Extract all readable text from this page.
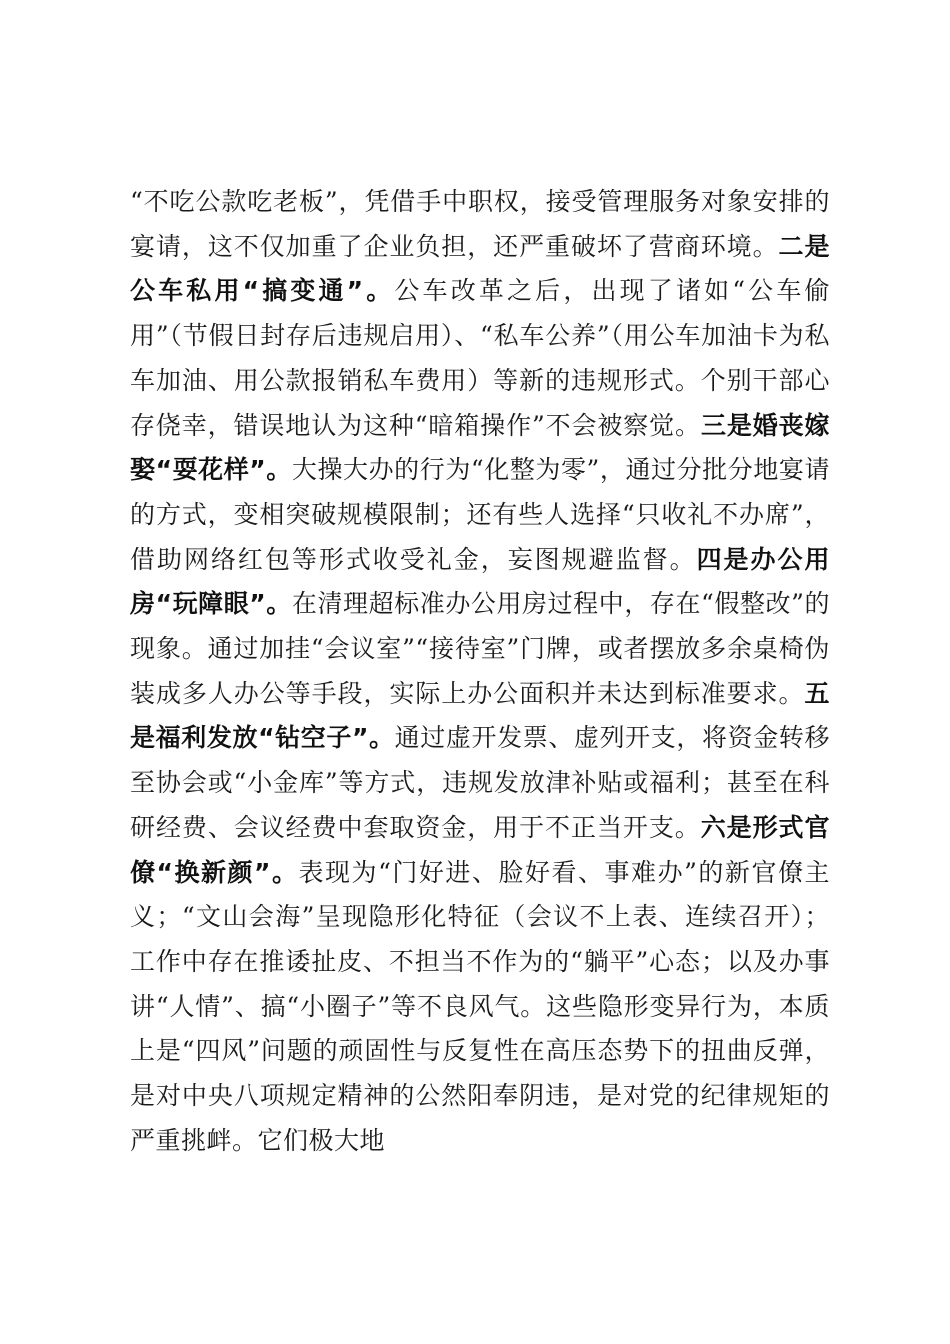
“不吃公款吃老板”，凭借手中职权，接受管理服务对象安排的宴请，这不仅加重了企业负担，还严重破坏了营商环境。二是公车私用“搞变通”。公车改革之后，出现了诸如“公车偷用”（节假日封存后违规启用）、“私车公养”（用公车加油卡为私车加油、用公款报销私车费用）等新的违规形式。个别干部心存侥幸，错误地认为这种“暗箱操作”不会被察觉。三是婚丧嫁娶“耍花样”。大操大办的行为“化整为零”，通过分批分地宴请的方式，变相突破规模限制；还有些人选择“只收礼不办席”，借助网络红包等形式收受礼金，妄图规避监督。四是办公用房“玩障眼”。在清理超标准办公用房过程中，存在“假整改”的现象。通过加挂“会议室”“接待室”门牌，或者摆放多余桌椅伪装成多人办公等手段，实际上办公面积并未达到标准要求。五是福利发放“钻空子”。通过虚开发票、虚列开支，将资金转移至协会或“小金库”等方式，违规发放津补贴或福利；甚至在科研经费、会议经费中套取资金，用于不正当开支。六是形式官僚“换新颜”。表现为“门好进、脸好看、事难办”的新官僚主义；“文山会海”呈现隐形化特征（会议不上表、连续召开）；工作中存在推诿扯皮、不担当不作为的“躺平”心态；以及办事讲“人情”、搞“小圈子”等不良风气。这些隐形变异行为，本质上是“四风”问题的顽固性与反复性在高压态势下的扭曲反弹，是对中央八项规定精神的公然阳奉阴违，是对党的纪律规矩的严重挑衅。它们极大地
